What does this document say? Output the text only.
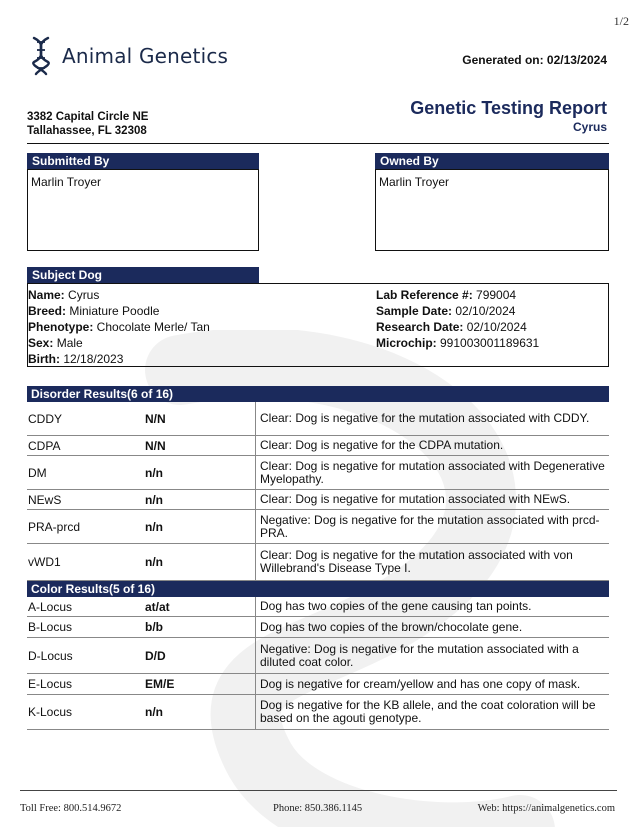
1/2
Animal Genetics	Generated on: 02/13/2024
3382 Capital Circle NE
Tallahassee, FL 32308
Genetic Testing Report
Cyrus
Submitted By
Marlin Troyer
Owned By
Marlin Troyer
Subject Dog
Name: Cyrus
Breed: Miniature Poodle
Phenotype: Chocolate Merle/ Tan
Sex: Male
Birth: 12/18/2023
Lab Reference #: 799004
Sample Date: 02/10/2024
Research Date: 02/10/2024
Microchip: 991003001189631
Disorder Results(6 of 16)
CDDY	N/N	Clear: Dog is negative for the mutation associated with CDDY.
CDPA	N/N	Clear: Dog is negative for the CDPA mutation.
DM	n/n	Clear: Dog is negative for mutation associated with Degenerative Myelopathy.
NEwS	n/n	Clear: Dog is negative for mutation associated with NEwS.
PRA-prcd	n/n	Negative: Dog is negative for the mutation associated with prcd-PRA.
vWD1	n/n	Clear: Dog is negative for the mutation associated with von Willebrand's Disease Type I.
Color Results(5 of 16)
A-Locus	at/at	Dog has two copies of the gene causing tan points.
B-Locus	b/b	Dog has two copies of the brown/chocolate gene.
D-Locus	D/D	Negative: Dog is negative for the mutation associated with a diluted coat color.
E-Locus	EM/E	Dog is negative for cream/yellow and has one copy of mask.
K-Locus	n/n	Dog is negative for the KB allele, and the coat coloration will be based on the agouti genotype.
Toll Free: 800.514.9672	Phone: 850.386.1145	Web: https://animalgenetics.com
